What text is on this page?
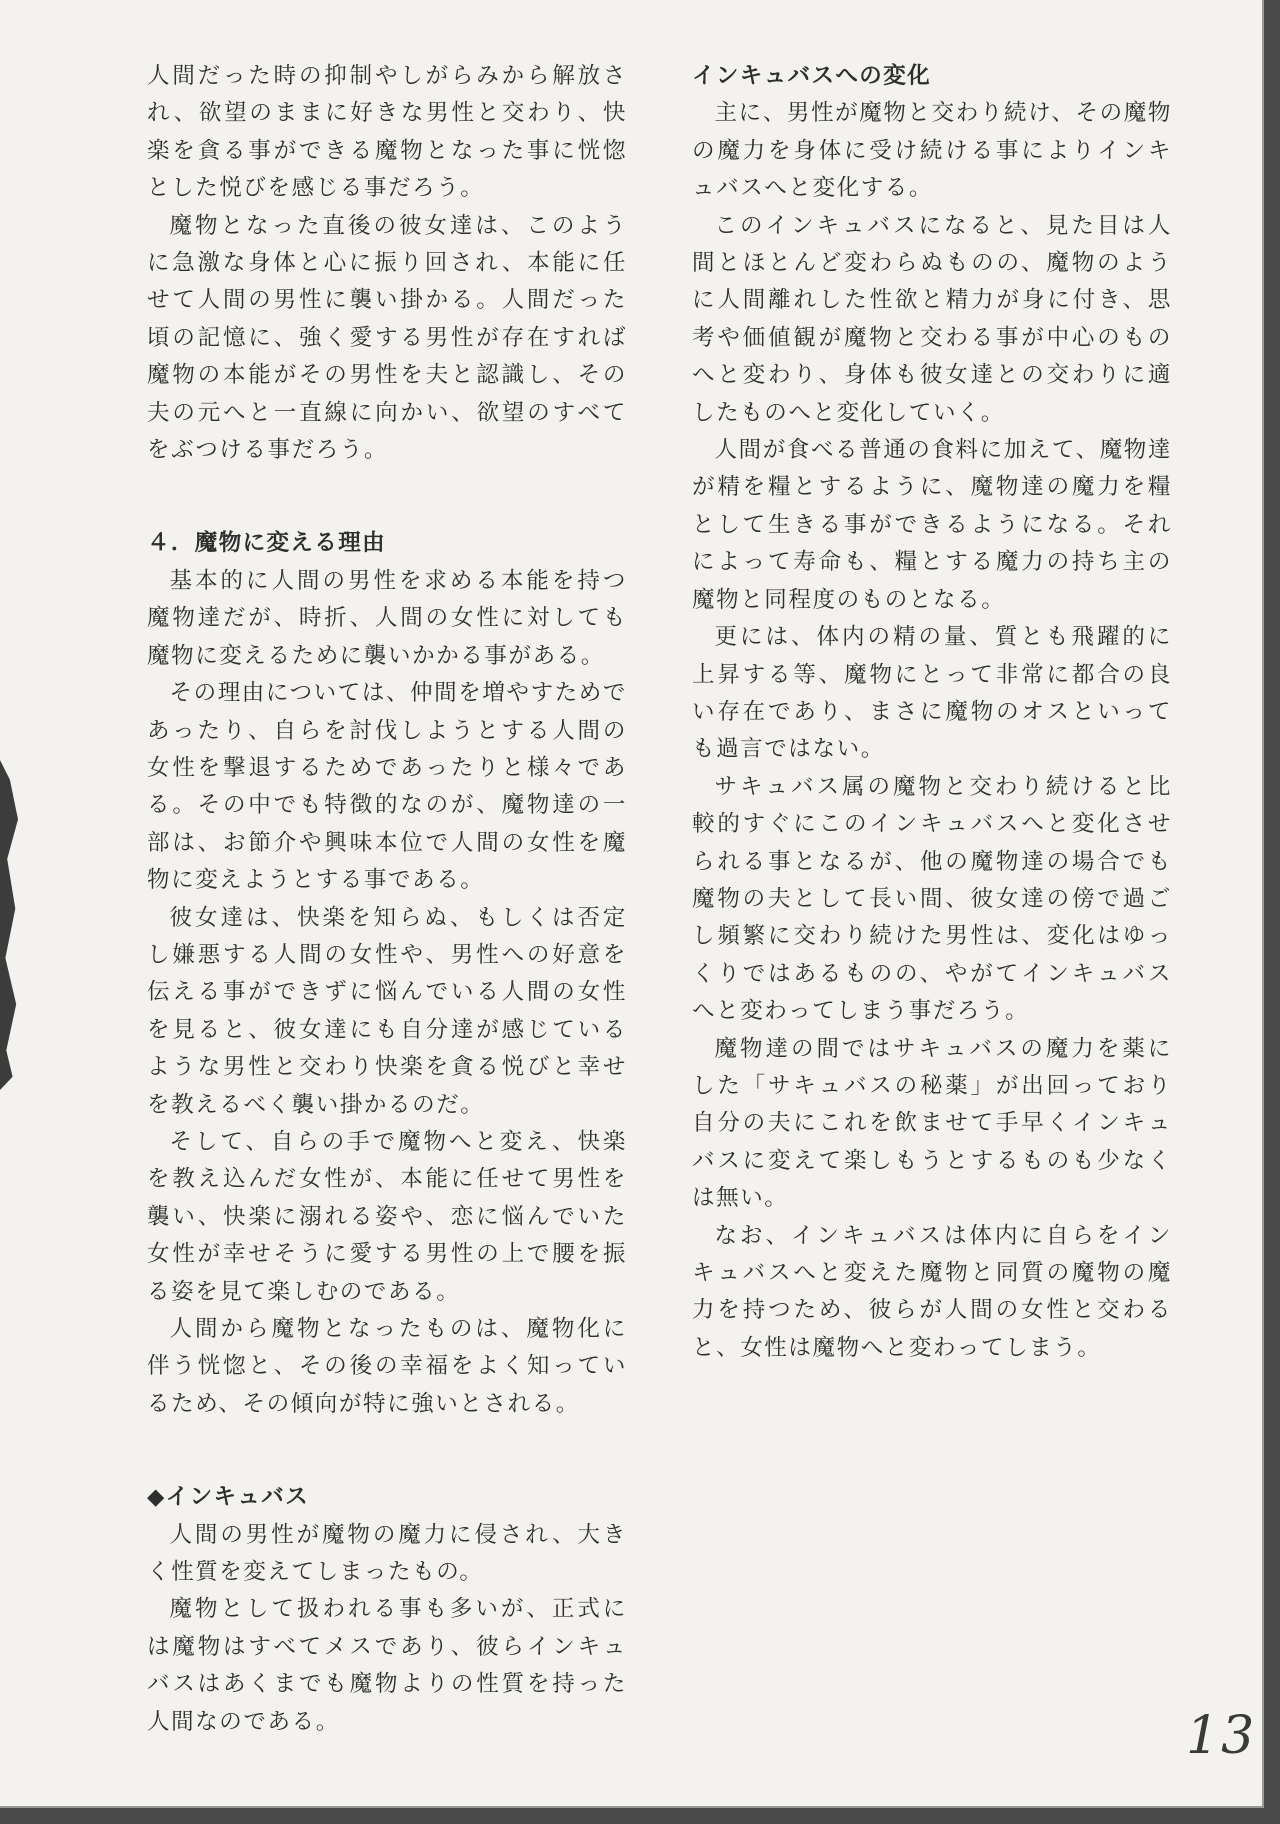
人間だった時の抑制やしがらみから解放され、欲望のままに好きな男性と交わり、快楽を貪る事ができる魔物となった事に恍惚とした悦びを感じる事だろう。

魔物となった直後の彼女達は、このように急激な身体と心に振り回され、本能に任せて人間の男性に襲い掛かる。人間だった頃の記憶に、強く愛する男性が存在すれば魔物の本能がその男性を夫と認識し、その夫の元へと一直線に向かい、欲望のすべてをぶつける事だろう。

４．魔物に変える理由

基本的に人間の男性を求める本能を持つ魔物達だが、時折、人間の女性に対しても魔物に変えるために襲いかかる事がある。

その理由については、仲間を増やすためであったり、自らを討伐しようとする人間の女性を撃退するためであったりと様々である。その中でも特徴的なのが、魔物達の一部は、お節介や興味本位で人間の女性を魔物に変えようとする事である。

彼女達は、快楽を知らぬ、もしくは否定し嫌悪する人間の女性や、男性への好意を伝える事ができずに悩んでいる人間の女性を見ると、彼女達にも自分達が感じているような男性と交わり快楽を貪る悦びと幸せを教えるべく襲い掛かるのだ。

そして、自らの手で魔物へと変え、快楽を教え込んだ女性が、本能に任せて男性を襲い、快楽に溺れる姿や、恋に悩んでいた女性が幸せそうに愛する男性の上で腰を振る姿を見て楽しむのである。

人間から魔物となったものは、魔物化に伴う恍惚と、その後の幸福をよく知っているため、その傾向が特に強いとされる。

◆インキュバス

人間の男性が魔物の魔力に侵され、大きく性質を変えてしまったもの。

魔物として扱われる事も多いが、正式には魔物はすべてメスであり、彼らインキュバスはあくまでも魔物よりの性質を持った人間なのである。

インキュバスへの変化

主に、男性が魔物と交わり続け、その魔物の魔力を身体に受け続ける事によりインキュバスへと変化する。

このインキュバスになると、見た目は人間とほとんど変わらぬものの、魔物のように人間離れした性欲と精力が身に付き、思考や価値観が魔物と交わる事が中心のものへと変わり、身体も彼女達との交わりに適したものへと変化していく。

人間が食べる普通の食料に加えて、魔物達が精を糧とするように、魔物達の魔力を糧として生きる事ができるようになる。それによって寿命も、糧とする魔力の持ち主の魔物と同程度のものとなる。

更には、体内の精の量、質とも飛躍的に上昇する等、魔物にとって非常に都合の良い存在であり、まさに魔物のオスといっても過言ではない。

サキュバス属の魔物と交わり続けると比較的すぐにこのインキュバスへと変化させられる事となるが、他の魔物達の場合でも魔物の夫として長い間、彼女達の傍で過ごし頻繁に交わり続けた男性は、変化はゆっくりではあるものの、やがてインキュバスへと変わってしまう事だろう。

魔物達の間ではサキュバスの魔力を薬にした「サキュバスの秘薬」が出回っており自分の夫にこれを飲ませて手早くインキュバスに変えて楽しもうとするものも少なくは無い。

なお、インキュバスは体内に自らをインキュバスへと変えた魔物と同質の魔物の魔力を持つため、彼らが人間の女性と交わると、女性は魔物へと変わってしまう。

13
